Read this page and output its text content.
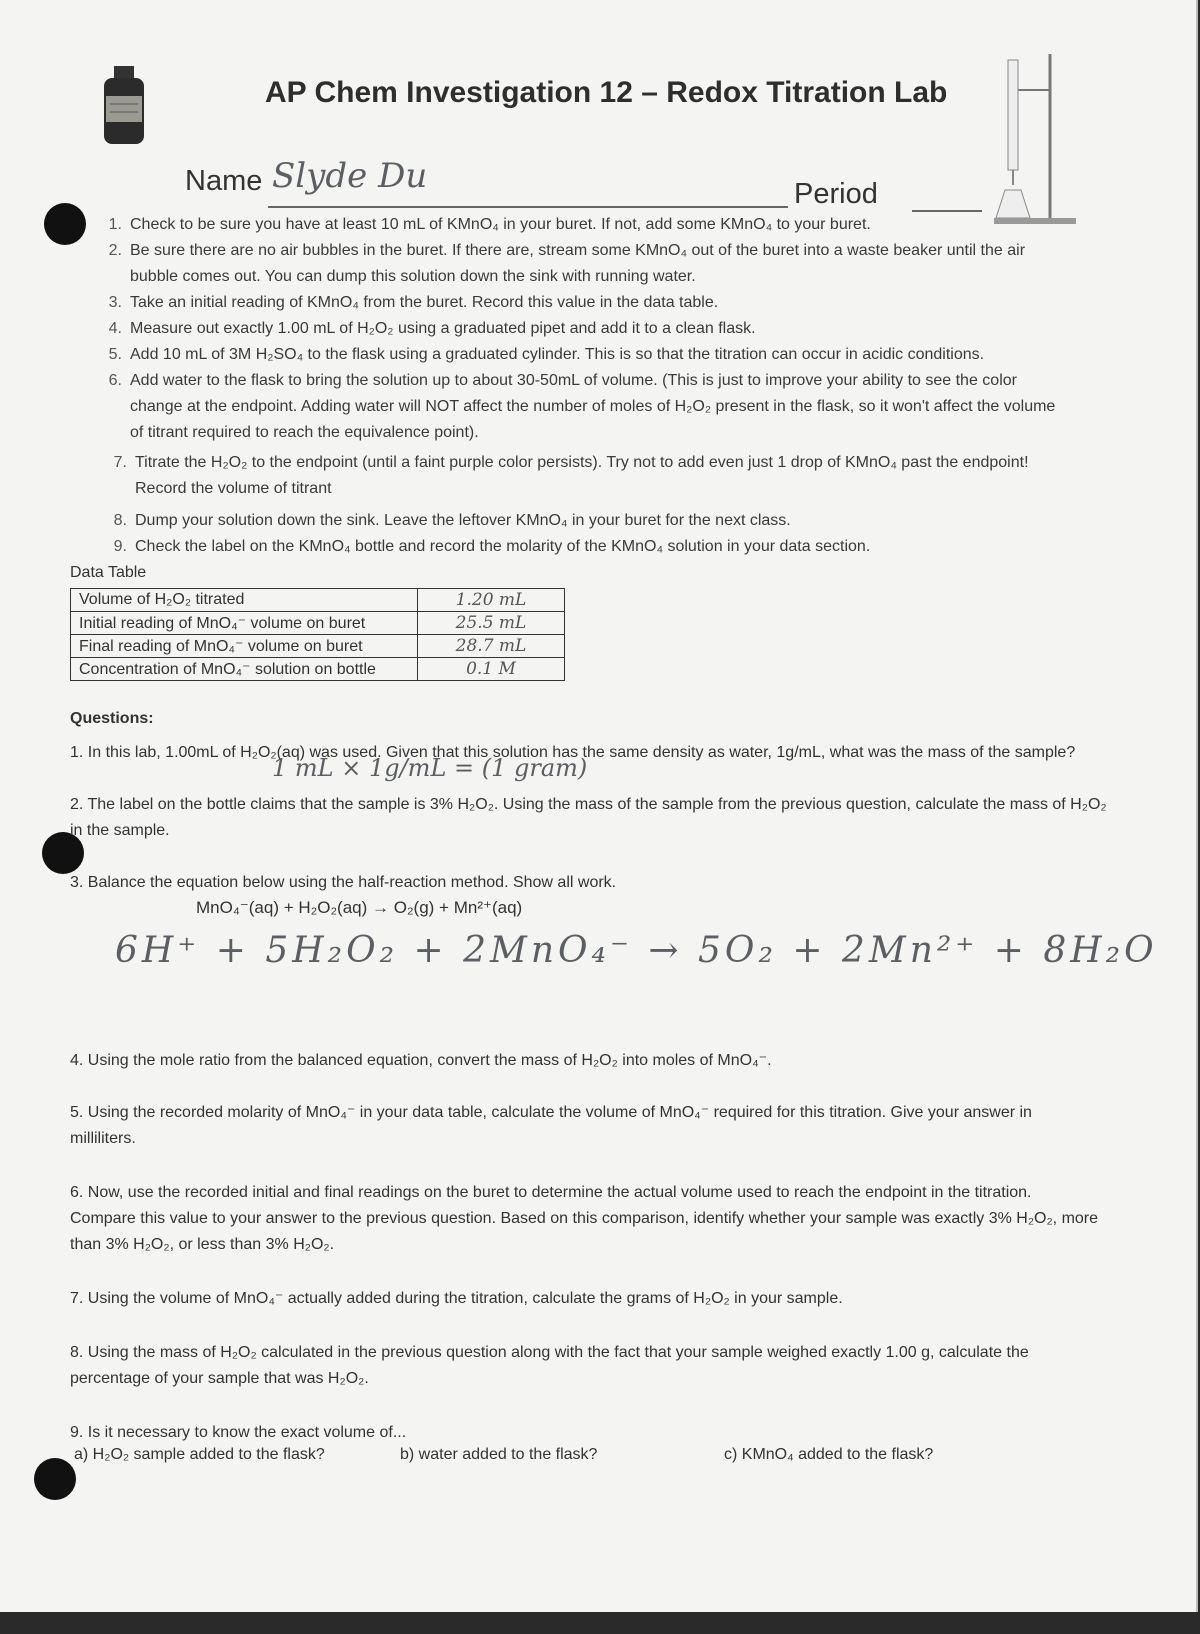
AP Chem Investigation 12 – Redox Titration Lab
Name Slyde Du	Period
1. Check to be sure you have at least 10 mL of KMnO₄ in your buret. If not, add some KMnO₄ to your buret.
2. Be sure there are no air bubbles in the buret. If there are, stream some KMnO₄ out of the buret into a waste beaker until the air bubble comes out. You can dump this solution down the sink with running water.
3. Take an initial reading of KMnO₄ from the buret. Record this value in the data table.
4. Measure out exactly 1.00 mL of H₂O₂ using a graduated pipet and add it to a clean flask.
5. Add 10 mL of 3M H₂SO₄ to the flask using a graduated cylinder. This is so that the titration can occur in acidic conditions.
6. Add water to the flask to bring the solution up to about 30-50mL of volume. (This is just to improve your ability to see the color change at the endpoint. Adding water will NOT affect the number of moles of H₂O₂ present in the flask, so it won't affect the volume of titrant required to reach the equivalence point).
7. Titrate the H₂O₂ to the endpoint (until a faint purple color persists). Try not to add even just 1 drop of KMnO₄ past the endpoint! Record the volume of titrant
8. Dump your solution down the sink. Leave the leftover KMnO₄ in your buret for the next class.
9. Check the label on the KMnO₄ bottle and record the molarity of the KMnO₄ solution in your data section.
Data Table
Volume of H₂O₂ titrated	1.20 mL
Initial reading of MnO₄⁻ volume on buret	25.5 mL
Final reading of MnO₄⁻ volume on buret	28.7 mL
Concentration of MnO₄⁻ solution on bottle	0.1 M
Questions:
1. In this lab, 1.00mL of H₂O₂(aq) was used. Given that this solution has the same density as water, 1g/mL, what was the mass of the sample?
1 mL × 1g/mL = (1 gram)
2. The label on the bottle claims that the sample is 3% H₂O₂. Using the mass of the sample from the previous question, calculate the mass of H₂O₂ in the sample.
3. Balance the equation below using the half-reaction method. Show all work.
MnO₄⁻(aq) + H₂O₂(aq) → O₂(g) + Mn²⁺(aq)
6H⁺ + 5H₂O₂ + 2MnO₄⁻ → 5O₂ + 2Mn²⁺ + 8H₂O
4. Using the mole ratio from the balanced equation, convert the mass of H₂O₂ into moles of MnO₄⁻.
5. Using the recorded molarity of MnO₄⁻ in your data table, calculate the volume of MnO₄⁻ required for this titration. Give your answer in milliliters.
6. Now, use the recorded initial and final readings on the buret to determine the actual volume used to reach the endpoint in the titration. Compare this value to your answer to the previous question. Based on this comparison, identify whether your sample was exactly 3% H₂O₂, more than 3% H₂O₂, or less than 3% H₂O₂.
7. Using the volume of MnO₄⁻ actually added during the titration, calculate the grams of H₂O₂ in your sample.
8. Using the mass of H₂O₂ calculated in the previous question along with the fact that your sample weighed exactly 1.00 g, calculate the percentage of your sample that was H₂O₂.
9. Is it necessary to know the exact volume of...
a) H₂O₂ sample added to the flask?	b) water added to the flask?	c) KMnO₄ added to the flask?
